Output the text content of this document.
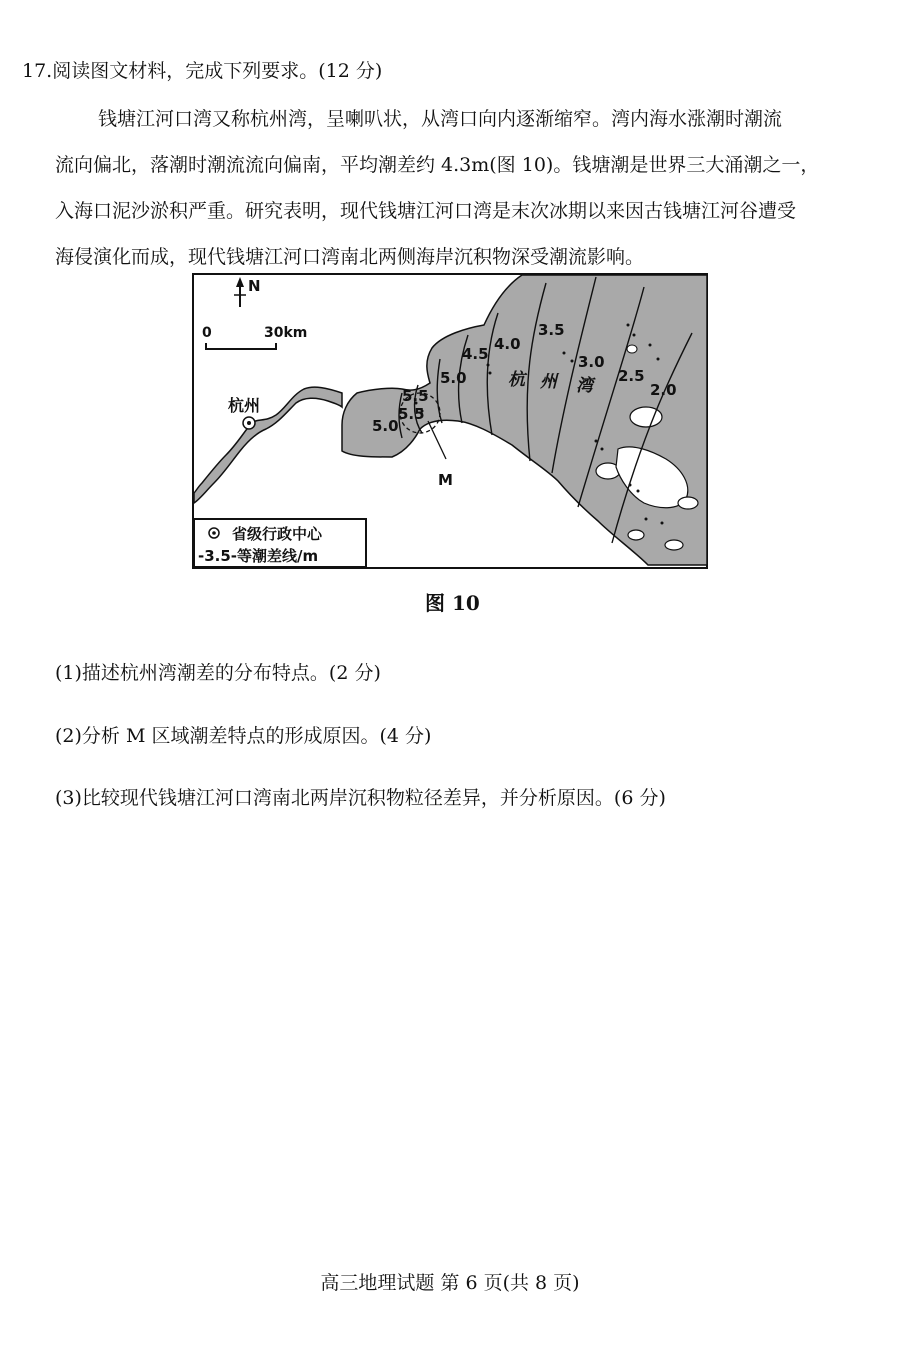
17.阅读图文材料，完成下列要求。(12 分)
钱塘江河口湾又称杭州湾，呈喇叭状，从湾口向内逐渐缩窄。湾内海水涨潮时潮流
流向偏北，落潮时潮流流向偏南，平均潮差约 4.3m(图 10)。钱塘潮是世界三大涌潮之一，
入海口泥沙淤积严重。研究表明，现代钱塘江河口湾是末次冰期以来因古钱塘江河谷遭受
海侵演化而成，现代钱塘江河口湾南北两侧海岸沉积物深受潮流影响。
5.0
5.5
5.5
5.0
4.5
4.0
3.5
3.0
2.5
2.0
杭 州 湾
M
N
0	30km
杭州
省级行政中心
-3.5-等潮差线/m
图 10
(1)描述杭州湾潮差的分布特点。(2 分)
(2)分析 M 区域潮差特点的形成原因。(4 分)
(3)比较现代钱塘江河口湾南北两岸沉积物粒径差异，并分析原因。(6 分)
高三地理试题 第 6 页(共 8 页)
